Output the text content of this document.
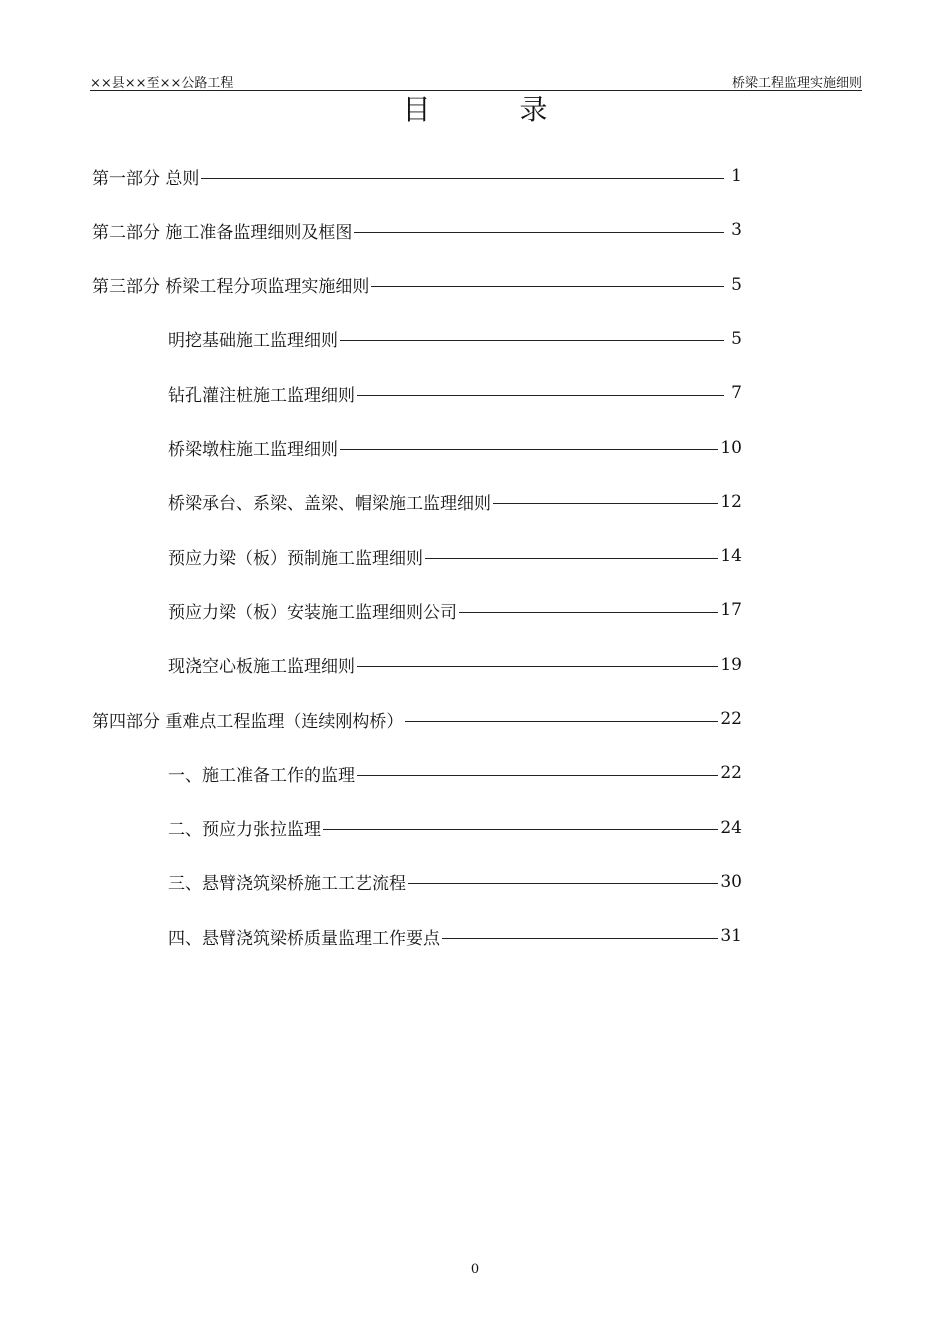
××县××至××公路工程	桥梁工程监理实施细则
目 录
第一部分 总则	1
第二部分 施工准备监理细则及框图	3
第三部分 桥梁工程分项监理实施细则	5
明挖基础施工监理细则	5
钻孔灌注桩施工监理细则	7
桥梁墩柱施工监理细则	10
桥梁承台、系梁、盖梁、帽梁施工监理细则	12
预应力梁（板）预制施工监理细则	14
预应力梁（板）安装施工监理细则公司	17
现浇空心板施工监理细则	19
第四部分 重难点工程监理（连续刚构桥）	22
一、施工准备工作的监理	22
二、预应力张拉监理	24
三、悬臂浇筑梁桥施工工艺流程	30
四、悬臂浇筑梁桥质量监理工作要点	31
0
